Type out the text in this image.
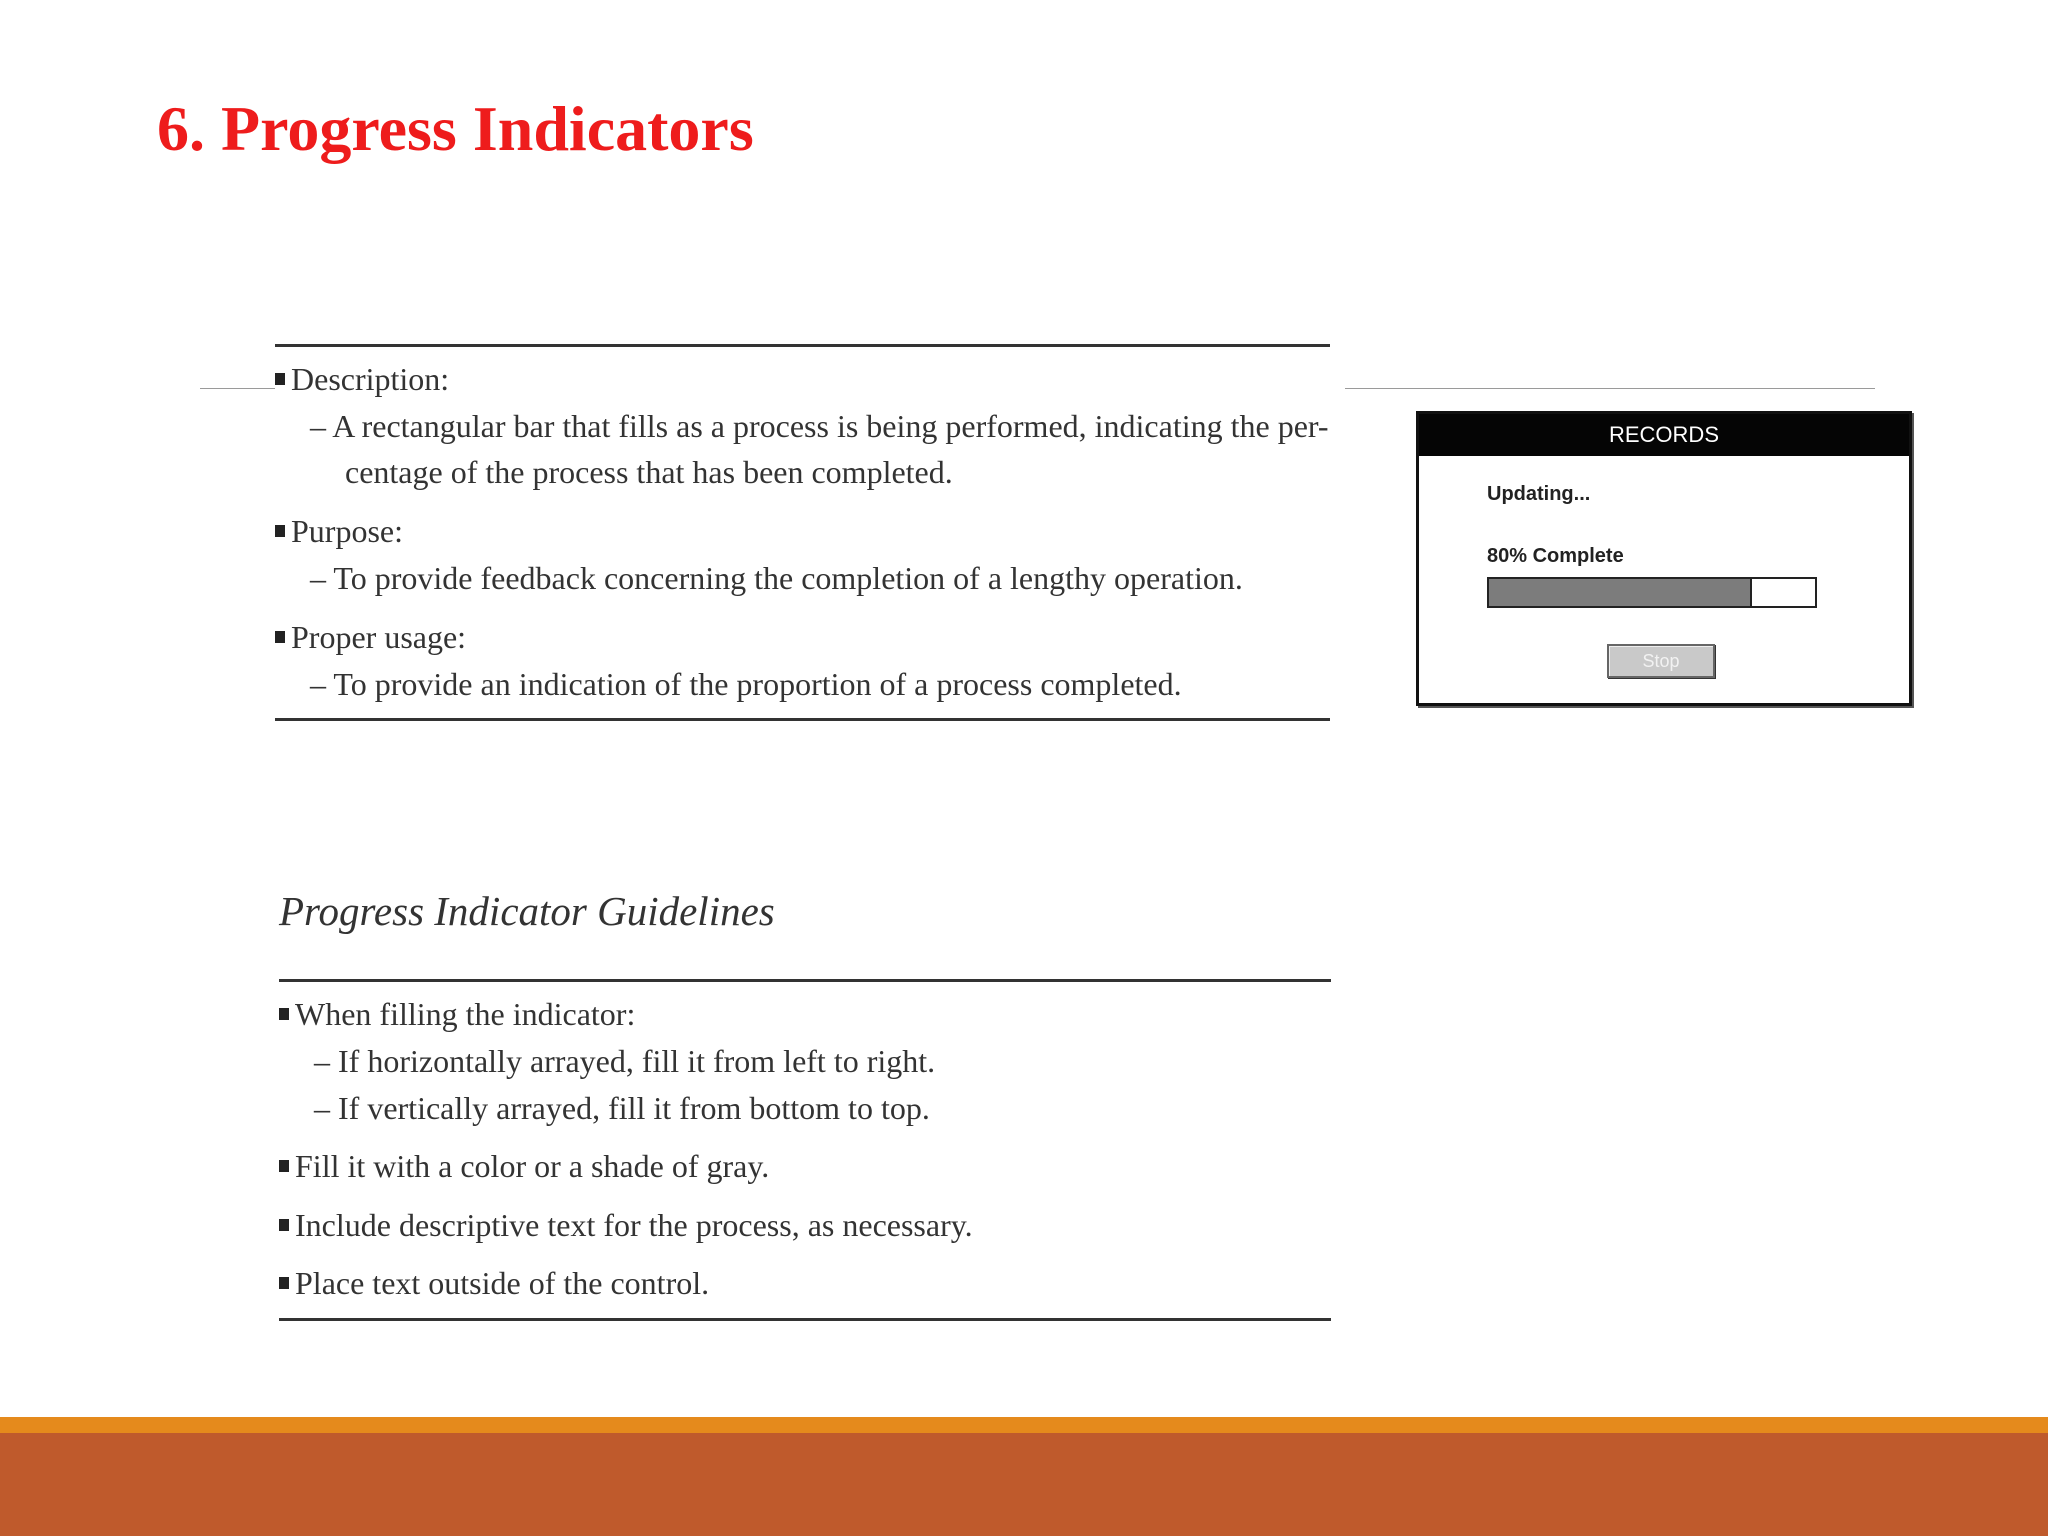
6. Progress Indicators
Description:
– A rectangular bar that fills as a process is being performed, indicating the per-
centage of the process that has been completed.
Purpose:
– To provide feedback concerning the completion of a lengthy operation.
Proper usage:
– To provide an indication of the proportion of a process completed.
RECORDS
Updating...
80% Complete
Stop
Progress Indicator Guidelines
When filling the indicator:
– If horizontally arrayed, fill it from left to right.
– If vertically arrayed, fill it from bottom to top.
Fill it with a color or a shade of gray.
Include descriptive text for the process, as necessary.
Place text outside of the control.
